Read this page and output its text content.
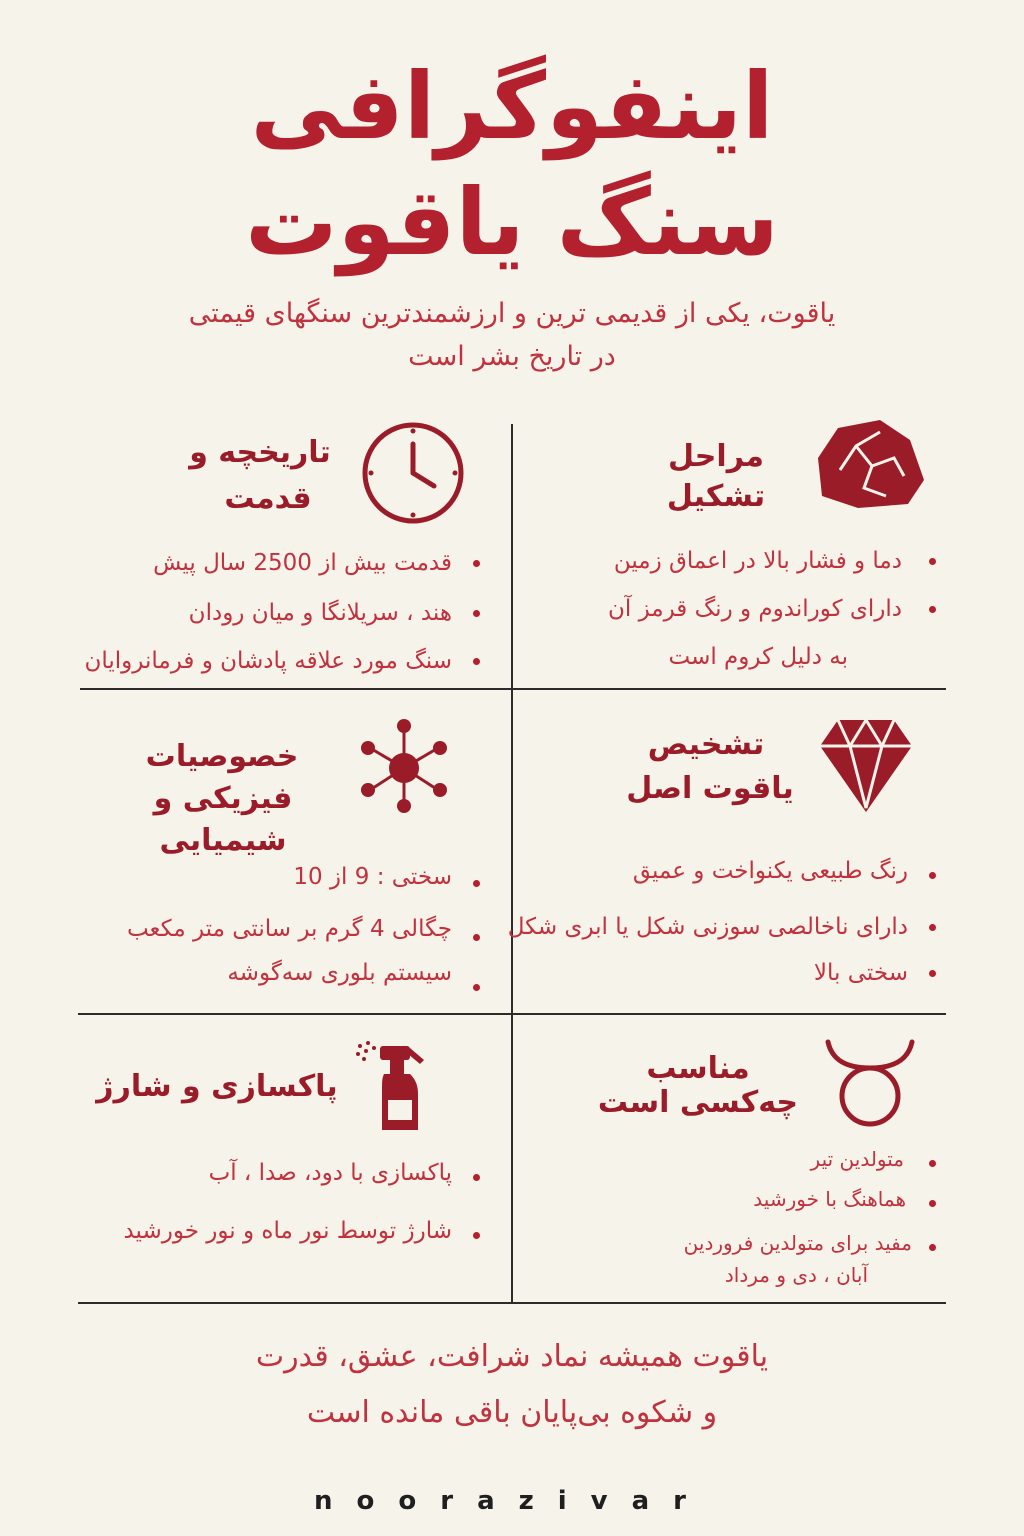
اینفوگرافی
سنگ یاقوت
یاقوت، یکی از قدیمی ترین و ارزشمندترین سنگهای قیمتی
در تاریخ بشر است
مراحل
تشکیل
دما و فشار بالا در اعماق زمین
دارای کوراندوم و رنگ قرمز آن
به دلیل کروم است
تاریخچه و
قدمت
قدمت بیش از 2500 سال پیش
هند ، سریلانگا و میان رودان
سنگ مورد علاقه پادشان و فرمانروایان
تشخیص
یاقوت اصل
رنگ طبیعی یکنواخت و عمیق
دارای ناخالصی سوزنی شکل یا ابری شکل
سختی بالا
خصوصیات
فیزیکی و شیمیایی
سختی : 9 از 10
چگالی 4 گرم بر سانتی متر مکعب
سیستم بلوری سه‌گوشه
مناسب
چه‌کسی است
متولدین تیر
هماهنگ با خورشید
مفید برای متولدین فروردین
آبان ، دی و مرداد
پاکسازی و شارژ
پاکسازی با دود، صدا ، آب
شارژ توسط نور ماه و نور خورشید
یاقوت همیشه نماد شرافت، عشق، قدرت
و شکوه بی‌پایان باقی مانده است
noorazivar
